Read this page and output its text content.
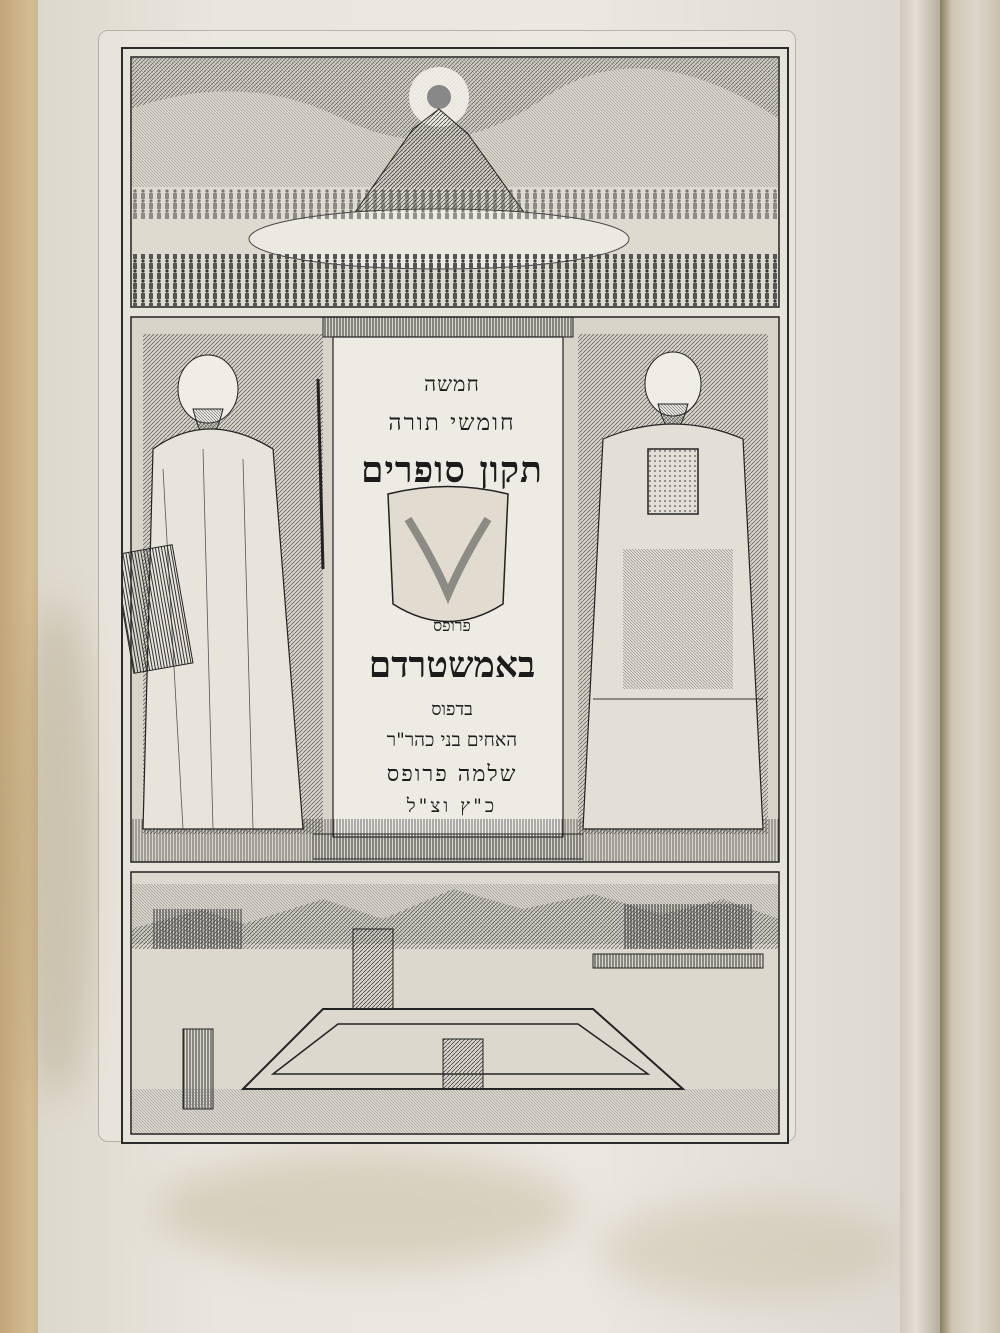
חמשה
חומשי תורה
תקון סופרים
פרופס
באמשטרדם
בדפוס
האחים בני כהר"ר
שלמה פרופס
כ"ץ וצ"ל
